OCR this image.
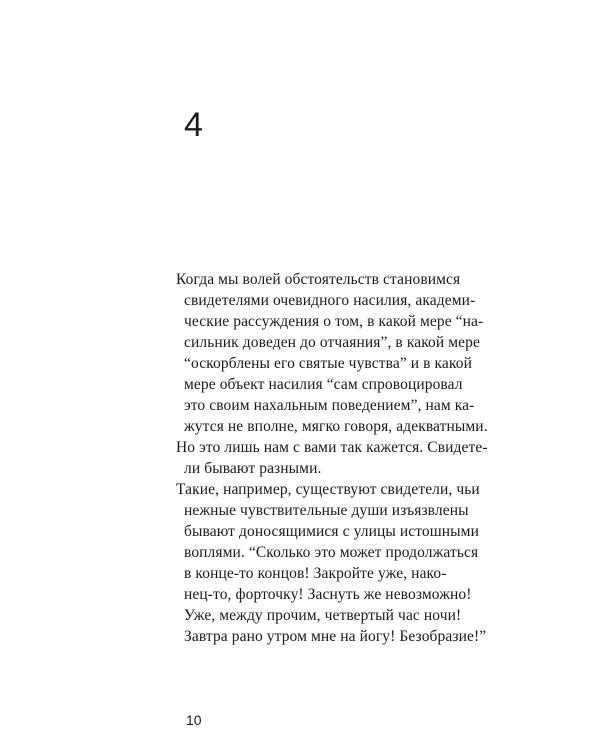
4
Когда мы волей обстоятельств становимся
свидетелями очевидного насилия, академи-
ческие рассуждения о том, в какой мере “на-
сильник доведен до отчаяния”, в какой мере
“оскорблены его святые чувства” и в какой
мере объект насилия “сам спровоцировал
это своим нахальным поведением”, нам ка-
жутся не вполне, мягко говоря, адекватными.
Но это лишь нам с вами так кажется. Свидете-
ли бывают разными.
Такие, например, существуют свидетели, чьи
нежные чувствительные души изъязвлены
бывают доносящимися с улицы истошными
воплями. “Сколько это может продолжаться
в конце-то концов! Закройте уже, нако-
нец-то, форточку! Заснуть же невозможно!
Уже, между прочим, четвертый час ночи!
Завтра рано утром мне на йогу! Безобразие!”
10
